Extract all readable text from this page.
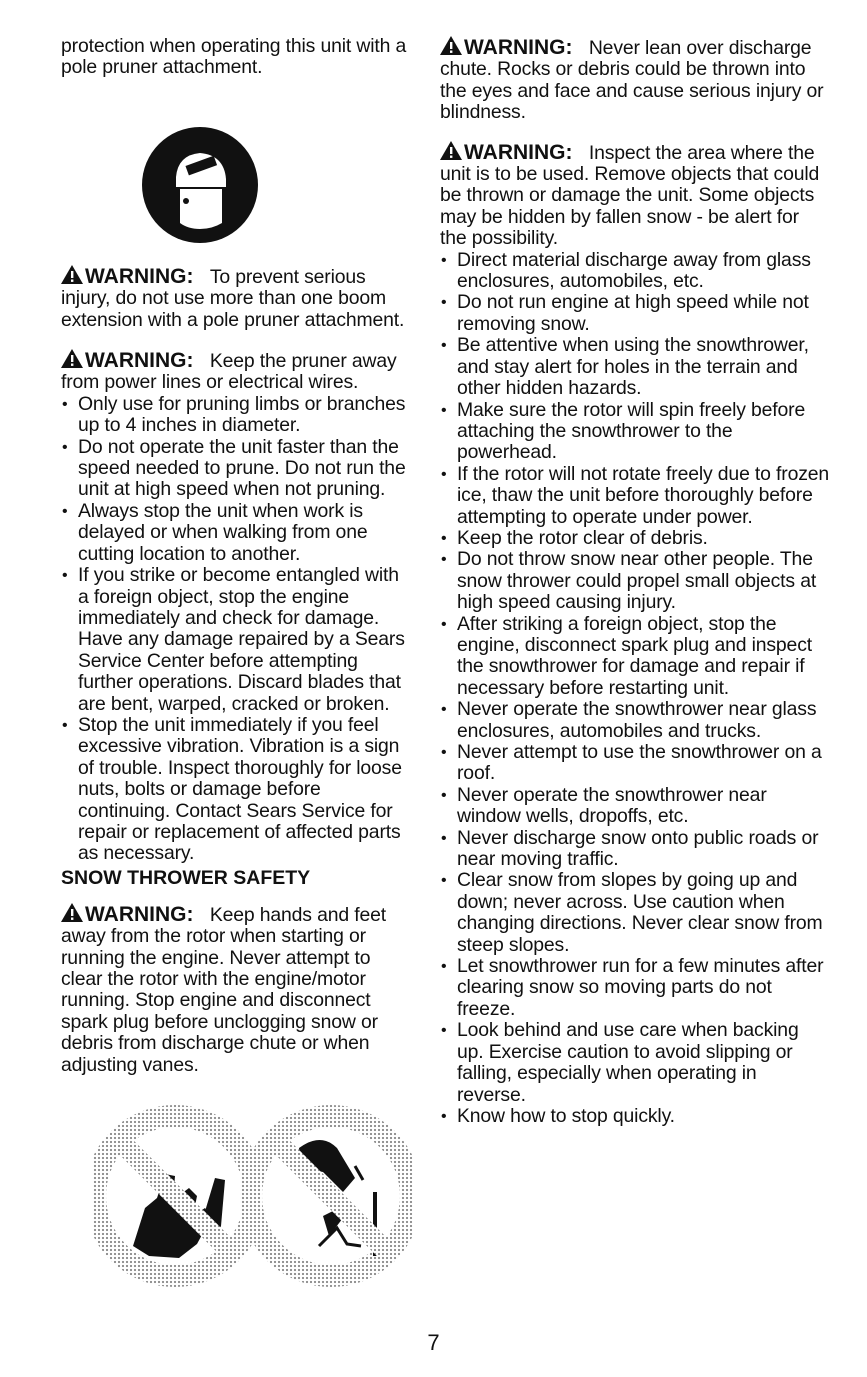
protection when operating this unit with a pole pruner attachment.

WARNING: To prevent serious injury, do not use more than one boom extension with a pole pruner attachment.

WARNING: Keep the pruner away from power lines or electrical wires.

• Only use for pruning limbs or branches up to 4 inches in diameter.
• Do not operate the unit faster than the speed needed to prune. Do not run the unit at high speed when not pruning.
• Always stop the unit when work is delayed or when walking from one cutting location to another.
• If you strike or become entangled with a foreign object, stop the engine immediately and check for damage. Have any damage repaired by a Sears Service Center before attempting further operations. Discard blades that are bent, warped, cracked or broken.
• Stop the unit immediately if you feel excessive vibration. Vibration is a sign of trouble. Inspect thoroughly for loose nuts, bolts or damage before continuing. Contact Sears Service for repair or replacement of affected parts as necessary.
SNOW THROWER SAFETY

WARNING: Keep hands and feet away from the rotor when starting or running the engine. Never attempt to clear the rotor with the engine/motor running. Stop engine and disconnect spark plug before unclogging snow or debris from discharge chute or when adjusting vanes.

WARNING: Never lean over discharge chute. Rocks or debris could be thrown into the eyes and face and cause serious injury or blindness.

WARNING: Inspect the area where the unit is to be used. Remove objects that could be thrown or damage the unit. Some objects may be hidden by fallen snow - be alert for the possibility.

• Direct material discharge away from glass enclosures, automobiles, etc.
• Do not run engine at high speed while not removing snow.
• Be attentive when using the snowthrower, and stay alert for holes in the terrain and other hidden hazards.
• Make sure the rotor will spin freely before attaching the snowthrower to the powerhead.
• If the rotor will not rotate freely due to frozen ice, thaw the unit before thoroughly before attempting to operate under power.
• Keep the rotor clear of debris.
• Do not throw snow near other people. The snow thrower could propel small objects at high speed causing injury.
• After striking a foreign object, stop the engine, disconnect spark plug and inspect the snowthrower for damage and repair if necessary before restarting unit.
• Never operate the snowthrower near glass enclosures, automobiles and trucks.
• Never attempt to use the snowthrower on a roof.
• Never operate the snowthrower near window wells, dropoffs, etc.
• Never discharge snow onto public roads or near moving traffic.
• Clear snow from slopes by going up and down; never across. Use caution when changing directions. Never clear snow from steep slopes.
• Let snowthrower run for a few minutes after clearing snow so moving parts do not freeze.
• Look behind and use care when backing up. Exercise caution to avoid slipping or falling, especially when operating in reverse.
• Know how to stop quickly.
7
